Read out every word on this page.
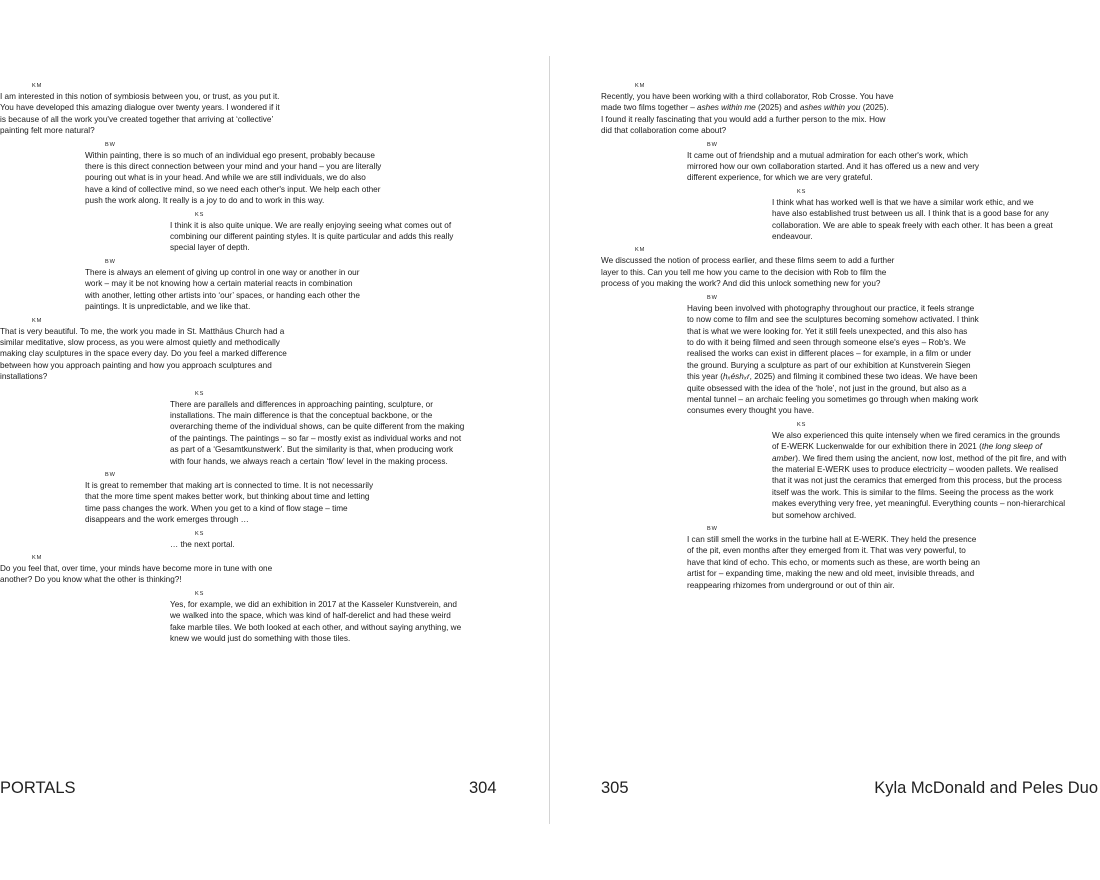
KM
I am interested in this notion of symbiosis between you, or trust, as you put it.
You have developed this amazing dialogue over twenty years. I wondered if it
is because of all the work you've created together that arriving at ‘collective’
painting felt more natural?
BW
Within painting, there is so much of an individual ego present, probably because
there is this direct connection between your mind and your hand – you are literally
pouring out what is in your head. And while we are still individuals, we do also
have a kind of collective mind, so we need each other's input. We help each other
push the work along. It really is a joy to do and to work in this way.
KS
I think it is also quite unique. We are really enjoying seeing what comes out of
combining our different painting styles. It is quite particular and adds this really
special layer of depth.
BW
There is always an element of giving up control in one way or another in our
work – may it be not knowing how a certain material reacts in combination
with another, letting other artists into ‘our’ spaces, or handing each other the
paintings. It is unpredictable, and we like that.
KM
That is very beautiful. To me, the work you made in St. Matthäus Church had a
similar meditative, slow process, as you were almost quietly and methodically
making clay sculptures in the space every day. Do you feel a marked difference
between how you approach painting and how you approach sculptures and
installations?
KS
There are parallels and differences in approaching painting, sculpture, or
installations. The main difference is that the conceptual backbone, or the
overarching theme of the individual shows, can be quite different from the making
of the paintings. The paintings – so far – mostly exist as individual works and not
as part of a ‘Gesamtkunstwerk’. But the similarity is that, when producing work
with four hands, we always reach a certain ‘flow’ level in the making process.
BW
It is great to remember that making art is connected to time. It is not necessarily
that the more time spent makes better work, but thinking about time and letting
time pass changes the work. When you get to a kind of flow stage – time
disappears and the work emerges through …
KS
… the next portal.
KM
Do you feel that, over time, your minds have become more in tune with one
another? Do you know what the other is thinking?!
KS
Yes, for example, we did an exhibition in 2017 at the Kasseler Kunstverein, and
we walked into the space, which was kind of half-derelict and had these weird
fake marble tiles. We both looked at each other, and without saying anything, we
knew we would just do something with those tiles.
PORTALS	304
KM
Recently, you have been working with a third collaborator, Rob Crosse. You have
made two films together – ashes within me (2025) and ashes within you (2025).
I found it really fascinating that you would add a further person to the mix. How
did that collaboration come about?
BW
It came out of friendship and a mutual admiration for each other's work, which
mirrored how our own collaboration started. And it has offered us a new and very
different experience, for which we are very grateful.
KS
I think what has worked well is that we have a similar work ethic, and we
have also established trust between us all. I think that is a good base for any
collaboration. We are able to speak freely with each other. It has been a great
endeavour.
KM
We discussed the notion of process earlier, and these films seem to add a further
layer to this. Can you tell me how you came to the decision with Rob to film the
process of you making the work? And did this unlock something new for you?
BW
Having been involved with photography throughout our practice, it feels strange
to now come to film and see the sculptures becoming somehow activated. I think
that is what we were looking for. Yet it still feels unexpected, and this also has
to do with it being filmed and seen through someone else's eyes – Rob's. We
realised the works can exist in different places – for example, in a film or under
the ground. Burying a sculpture as part of our exhibition at Kunstverein Siegen
this year (hₓéshₓr, 2025) and filming it combined these two ideas. We have been
quite obsessed with the idea of the ‘hole’, not just in the ground, but also as a
mental tunnel – an archaic feeling you sometimes go through when making work
consumes every thought you have.
KS
We also experienced this quite intensely when we fired ceramics in the grounds
of E-WERK Luckenwalde for our exhibition there in 2021 (the long sleep of
amber). We fired them using the ancient, now lost, method of the pit fire, and with
the material E-WERK uses to produce electricity – wooden pallets. We realised
that it was not just the ceramics that emerged from this process, but the process
itself was the work. This is similar to the films. Seeing the process as the work
makes everything very free, yet meaningful. Everything counts – non-hierarchical
but somehow archived.
BW
I can still smell the works in the turbine hall at E-WERK. They held the presence
of the pit, even months after they emerged from it. That was very powerful, to
have that kind of echo. This echo, or moments such as these, are worth being an
artist for – expanding time, making the new and old meet, invisible threads, and
reappearing rhizomes from underground or out of thin air.
305	Kyla McDonald and Peles Duo
